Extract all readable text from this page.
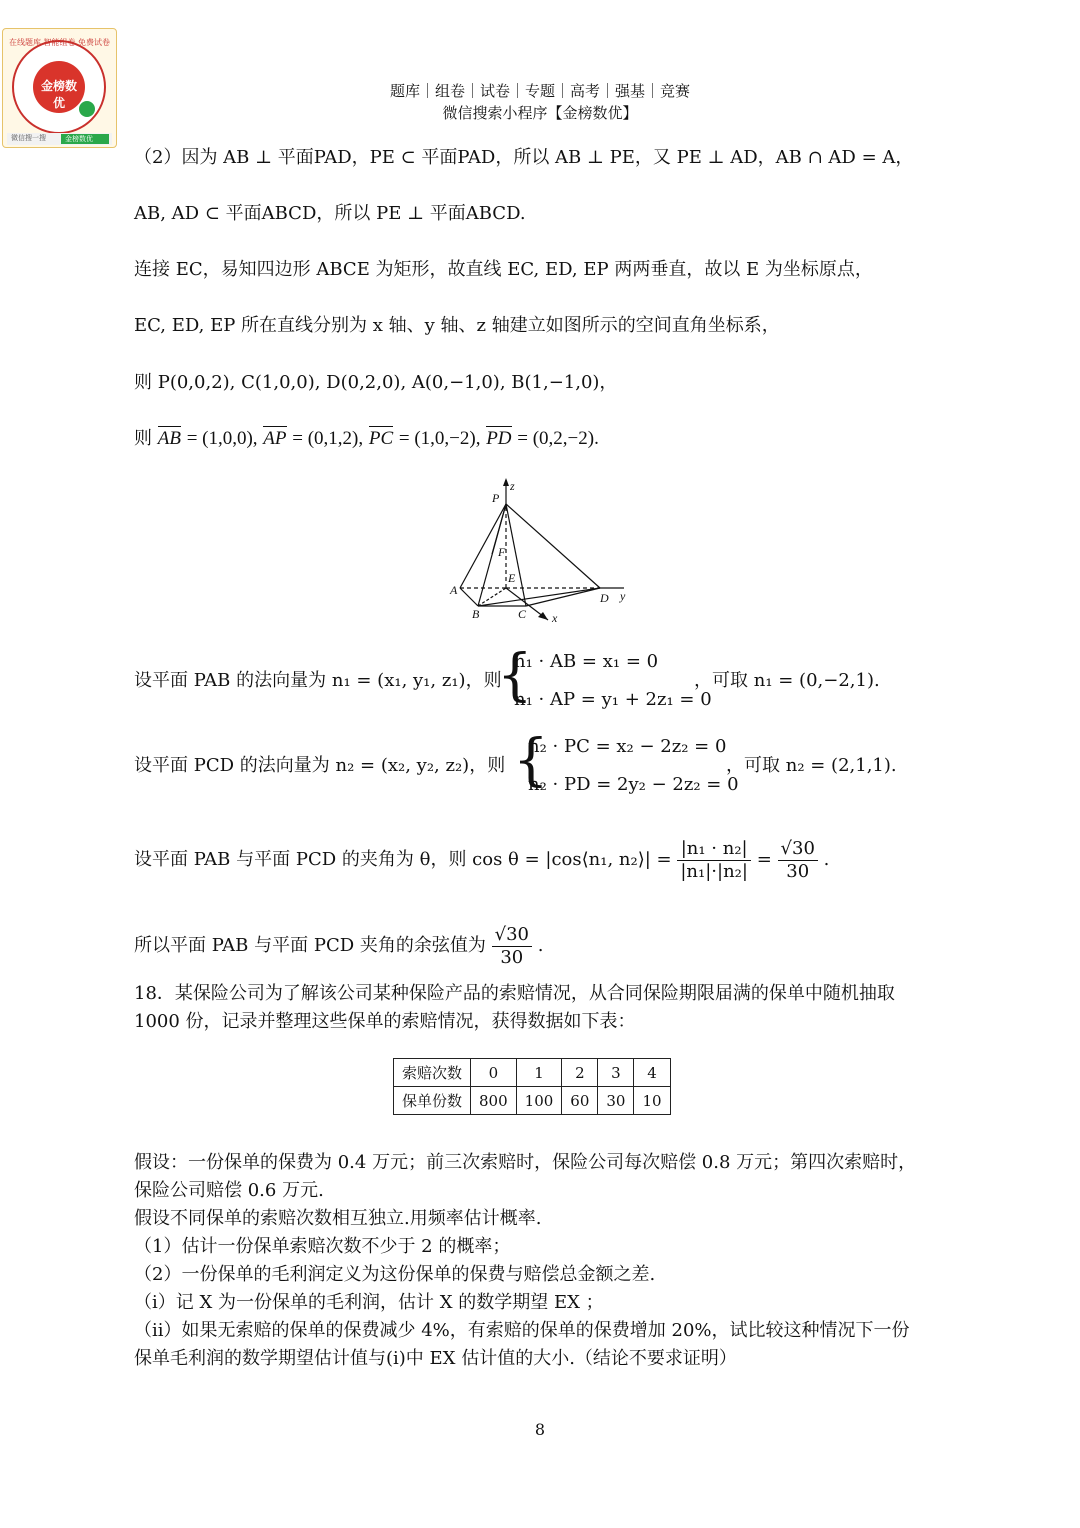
在线题库 智能组卷 免费试卷
金榜数优
微信搜一搜	金榜数优
题库｜组卷｜试卷｜专题｜高考｜强基｜竞赛
微信搜索小程序【金榜数优】
（2）因为 AB ⊥ 平面PAD，PE ⊂ 平面PAD，所以 AB ⊥ PE，又 PE ⊥ AD，AB ∩ AD = A，
AB, AD ⊂ 平面ABCD，所以 PE ⊥ 平面ABCD.
连接 EC，易知四边形 ABCE 为矩形，故直线 EC, ED, EP 两两垂直，故以 E 为坐标原点，
EC, ED, EP 所在直线分别为 x 轴、y 轴、z 轴建立如图所示的空间直角坐标系，
则 P(0,0,2), C(1,0,0), D(0,2,0), A(0,−1,0), B(1,−1,0)，
则 AB = (1,0,0), AP = (0,1,2), PC = (1,0,−2), PD = (0,2,−2).
P
z
F
E
A
B	C
D y
x
设平面 PAB 的法向量为 n₁ = (x₁, y₁, z₁)，则
{
n₁ · AB = x₁ = 0
n₁ · AP = y₁ + 2z₁ = 0
，可取 n₁ = (0,−2,1).
设平面 PCD 的法向量为 n₂ = (x₂, y₂, z₂)，则 {
n₂ · PC = x₂ − 2z₂ = 0
n₂ · PD = 2y₂ − 2z₂ = 0
，可取 n₂ = (2,1,1).
设平面 PAB 与平面 PCD 的夹角为 θ，则 cos θ = |cos⟨n₁, n₂⟩| = $\frac{\text{|n₁ · n₂|}}{\text{|n₁|·|n₂|}} = \frac{√30}{30}$ .
所以平面 PAB 与平面 PCD 夹角的余弦值为 $\frac{√30}{30}$ .
18．某保险公司为了解该公司某种保险产品的索赔情况，从合同保险期限届满的保单中随机抽取
1000 份，记录并整理这些保单的索赔情况，获得数据如下表：
索赔次数	0	1	2	3	4
保单份数	800	100	60	30	10
假设：一份保单的保费为 0.4 万元；前三次索赔时，保险公司每次赔偿 0.8 万元；第四次索赔时，
保险公司赔偿 0.6 万元.
假设不同保单的索赔次数相互独立.用频率估计概率.
（1）估计一份保单索赔次数不少于 2 的概率；
（2）一份保单的毛利润定义为这份保单的保费与赔偿总金额之差.
（i）记 X 为一份保单的毛利润，估计 X 的数学期望 EX ；
（ii）如果无索赔的保单的保费减少 4%，有索赔的保单的保费增加 20%，试比较这种情况下一份
保单毛利润的数学期望估计值与(i)中 EX 估计值的大小.（结论不要求证明）
8
